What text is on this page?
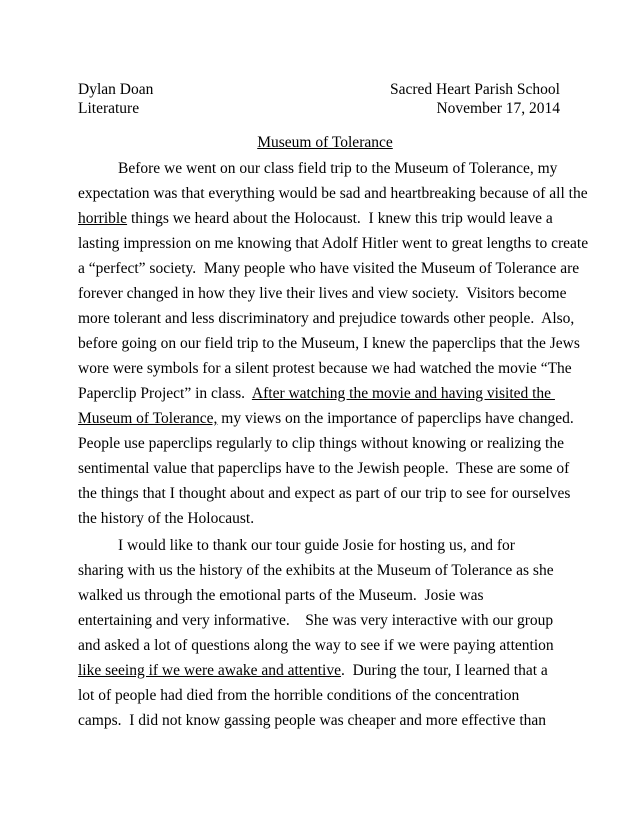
Dylan Doan	Sacred Heart Parish School
Literature	November 17, 2014
Museum of Tolerance
Before we went on our class field trip to the Museum of Tolerance, my
expectation was that everything would be sad and heartbreaking because of all the
horrible things we heard about the Holocaust.  I knew this trip would leave a
lasting impression on me knowing that Adolf Hitler went to great lengths to create
a “perfect” society.  Many people who have visited the Museum of Tolerance are
forever changed in how they live their lives and view society.  Visitors become
more tolerant and less discriminatory and prejudice towards other people.  Also,
before going on our field trip to the Museum, I knew the paperclips that the Jews
wore were symbols for a silent protest because we had watched the movie “The
Paperclip Project” in class.  After watching the movie and having visited the
Museum of Tolerance, my views on the importance of paperclips have changed.
People use paperclips regularly to clip things without knowing or realizing the
sentimental value that paperclips have to the Jewish people.  These are some of
the things that I thought about and expect as part of our trip to see for ourselves
the history of the Holocaust.
I would like to thank our tour guide Josie for hosting us, and for
sharing with us the history of the exhibits at the Museum of Tolerance as she
walked us through the emotional parts of the Museum.  Josie was
entertaining and very informative.    She was very interactive with our group
and asked a lot of questions along the way to see if we were paying attention
like seeing if we were awake and attentive.  During the tour, I learned that a
lot of people had died from the horrible conditions of the concentration
camps.  I did not know gassing people was cheaper and more effective than
